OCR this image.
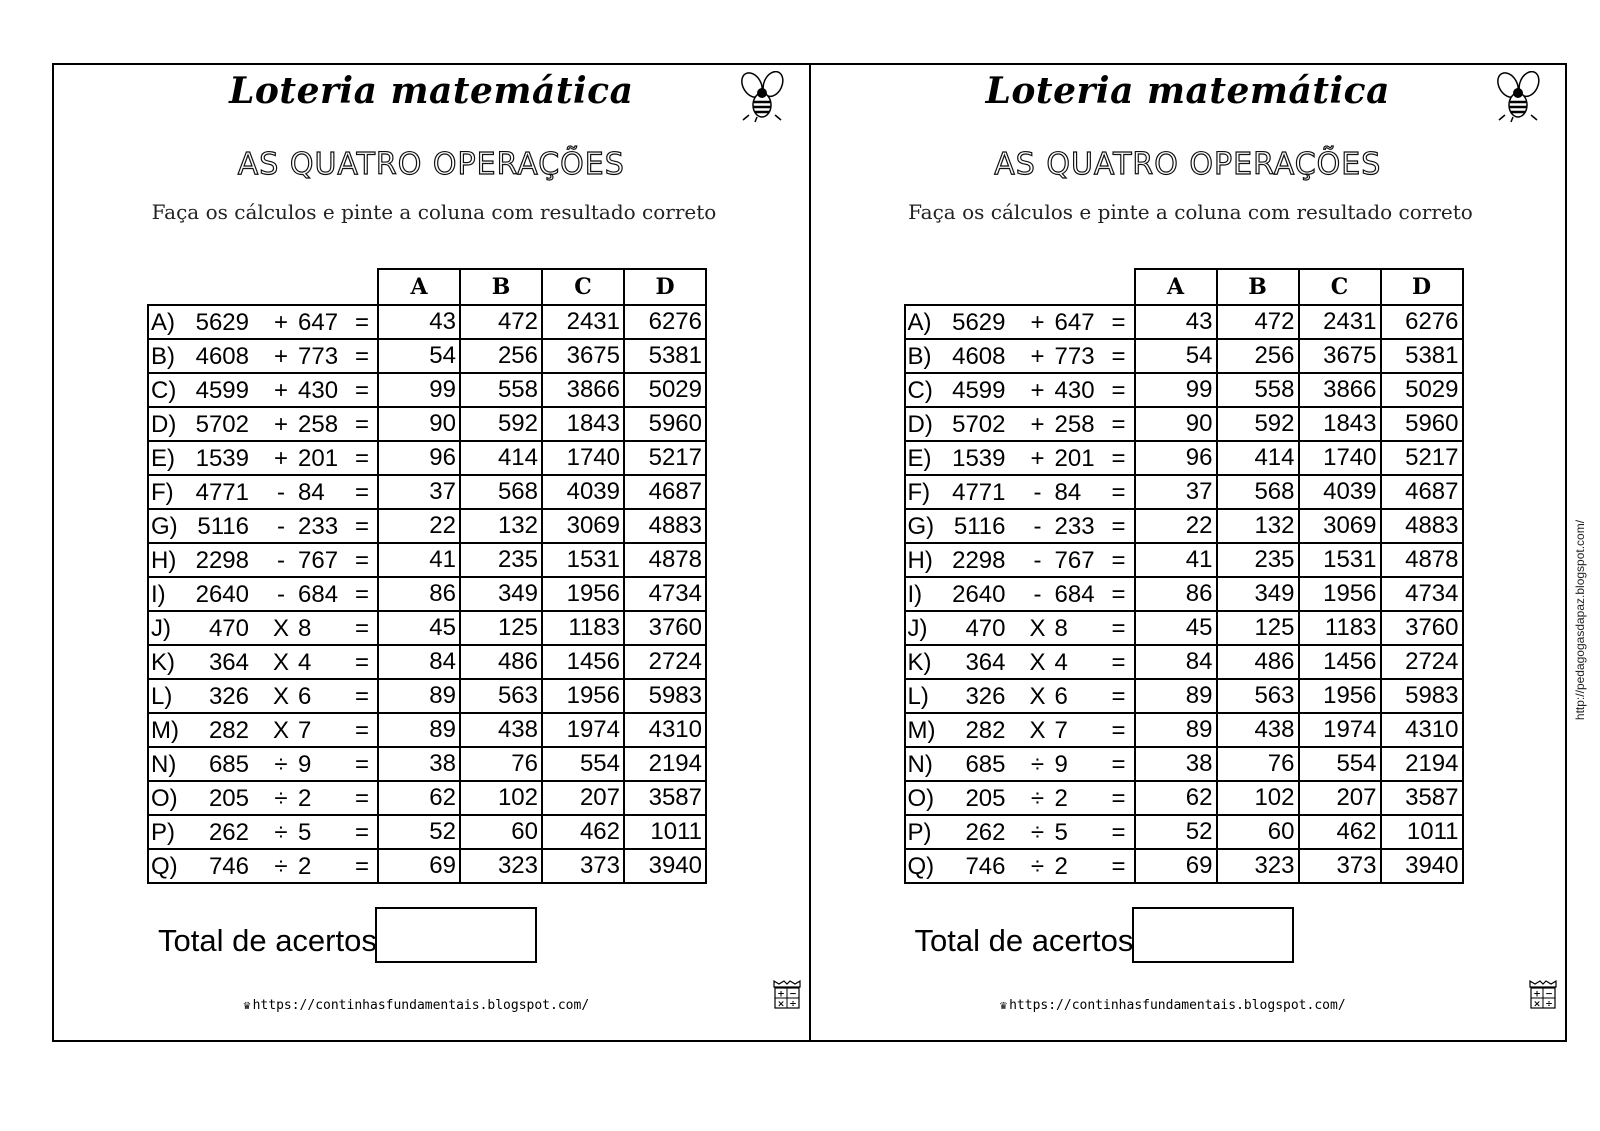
Loteria matemática
AS QUATRO OPERAÇÕES
Faça os cálculos e pinte a coluna com resultado correto
	A	B	C	D

A) 5629 + 647 =	43	472	2431	6276

B) 4608 + 773 =	54	256	3675	5381

C) 4599 + 430 =	99	558	3866	5029

D) 5702 + 258 =	90	592	1843	5960

E) 1539 + 201 =	96	414	1740	5217

F) 4771 - 84 =	37	568	4039	4687

G) 5116 - 233 =	22	132	3069	4883

H) 2298 - 767 =	41	235	1531	4878

I) 2640 - 684 =	86	349	1956	4734

J) 470 X 8 =	45	125	1183	3760

K) 364 X 4 =	84	486	1456	2724

L) 326 X 6 =	89	563	1956	5983

M) 282 X 7 =	89	438	1974	4310

N) 685 ÷ 9 =	38	76	554	2194

O) 205 ÷ 2 =	62	102	207	3587

P) 262 ÷ 5 =	52	60	462	1011

Q) 746 ÷ 2 =	69	323	373	3940
Total de acertos
♛ https://continhasfundamentais.blogspot.com/
+ −
× ÷
Loteria matemática
AS QUATRO OPERAÇÕES
Faça os cálculos e pinte a coluna com resultado correto
	A	B	C	D

A) 5629 + 647 =	43	472	2431	6276

B) 4608 + 773 =	54	256	3675	5381

C) 4599 + 430 =	99	558	3866	5029

D) 5702 + 258 =	90	592	1843	5960

E) 1539 + 201 =	96	414	1740	5217

F) 4771 - 84 =	37	568	4039	4687

G) 5116 - 233 =	22	132	3069	4883

H) 2298 - 767 =	41	235	1531	4878

I) 2640 - 684 =	86	349	1956	4734

J) 470 X 8 =	45	125	1183	3760

K) 364 X 4 =	84	486	1456	2724

L) 326 X 6 =	89	563	1956	5983

M) 282 X 7 =	89	438	1974	4310

N) 685 ÷ 9 =	38	76	554	2194

O) 205 ÷ 2 =	62	102	207	3587

P) 262 ÷ 5 =	52	60	462	1011

Q) 746 ÷ 2 =	69	323	373	3940
Total de acertos
♛ https://continhasfundamentais.blogspot.com/
+ −
× ÷
http://pedagogasdapaz.blogspot.com/
